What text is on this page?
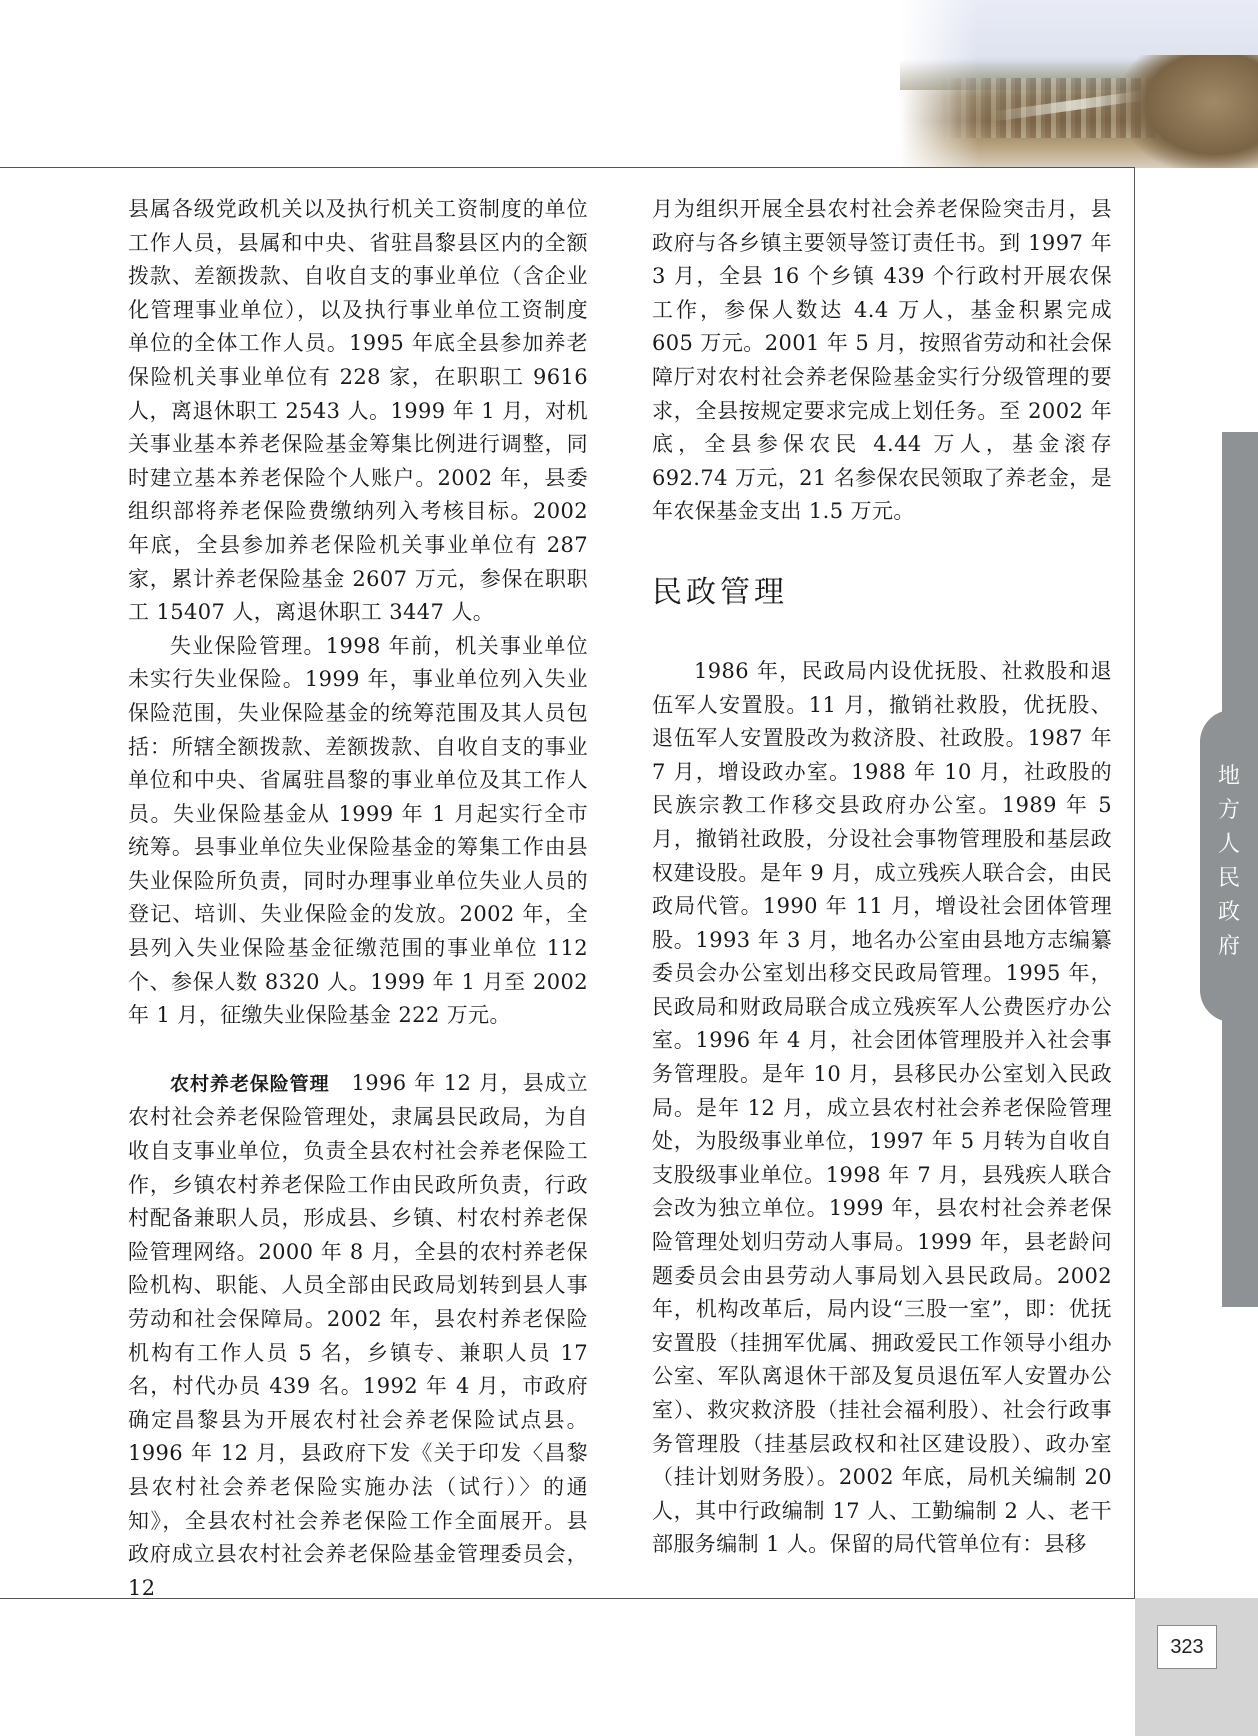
地
方
人
民
政
府

县属各级党政机关以及执行机关工资制度的单位工作人员，县属和中央、省驻昌黎县区内的全额拨款、差额拨款、自收自支的事业单位（含企业化管理事业单位），以及执行事业单位工资制度单位的全体工作人员。1995 年底全县参加养老保险机关事业单位有 228 家，在职职工 9616 人，离退休职工 2543 人。1999 年 1 月，对机关事业基本养老保险基金筹集比例进行调整，同时建立基本养老保险个人账户。2002 年，县委组织部将养老保险费缴纳列入考核目标。2002 年底，全县参加养老保险机关事业单位有 287 家，累计养老保险基金 2607 万元，参保在职职工 15407 人，离退休职工 3447 人。

失业保险管理。1998 年前，机关事业单位未实行失业保险。1999 年，事业单位列入失业保险范围，失业保险基金的统筹范围及其人员包括：所辖全额拨款、差额拨款、自收自支的事业单位和中央、省属驻昌黎的事业单位及其工作人员。失业保险基金从 1999 年 1 月起实行全市统筹。县事业单位失业保险基金的筹集工作由县失业保险所负责，同时办理事业单位失业人员的登记、培训、失业保险金的发放。2002 年，全县列入失业保险基金征缴范围的事业单位 112 个、参保人数 8320 人。1999 年 1 月至 2002 年 1 月，征缴失业保险基金 222 万元。

农村养老保险管理　1996 年 12 月，县成立农村社会养老保险管理处，隶属县民政局，为自收自支事业单位，负责全县农村社会养老保险工作，乡镇农村养老保险工作由民政所负责，行政村配备兼职人员，形成县、乡镇、村农村养老保险管理网络。2000 年 8 月，全县的农村养老保险机构、职能、人员全部由民政局划转到县人事劳动和社会保障局。2002 年，县农村养老保险机构有工作人员 5 名，乡镇专、兼职人员 17 名，村代办员 439 名。1992 年 4 月，市政府确定昌黎县为开展农村社会养老保险试点县。1996 年 12 月，县政府下发《关于印发〈昌黎县农村社会养老保险实施办法（试行）〉的通知》，全县农村社会养老保险工作全面展开。县政府成立县农村社会养老保险基金管理委员会，12

月为组织开展全县农村社会养老保险突击月，县政府与各乡镇主要领导签订责任书。到 1997 年 3 月，全县 16 个乡镇 439 个行政村开展农保工作，参保人数达 4.4 万人，基金积累完成 605 万元。2001 年 5 月，按照省劳动和社会保障厅对农村社会养老保险基金实行分级管理的要求，全县按规定要求完成上划任务。至 2002 年底，全县参保农民 4.44 万人，基金滚存 692.74 万元，21 名参保农民领取了养老金，是年农保基金支出 1.5 万元。

民政管理

1986 年，民政局内设优抚股、社救股和退伍军人安置股。11 月，撤销社救股，优抚股、退伍军人安置股改为救济股、社政股。1987 年 7 月，增设政办室。1988 年 10 月，社政股的民族宗教工作移交县政府办公室。1989 年 5 月，撤销社政股，分设社会事物管理股和基层政权建设股。是年 9 月，成立残疾人联合会，由民政局代管。1990 年 11 月，增设社会团体管理股。1993 年 3 月，地名办公室由县地方志编纂委员会办公室划出移交民政局管理。1995 年，民政局和财政局联合成立残疾军人公费医疗办公室。1996 年 4 月，社会团体管理股并入社会事务管理股。是年 10 月，县移民办公室划入民政局。是年 12 月，成立县农村社会养老保险管理处，为股级事业单位，1997 年 5 月转为自收自支股级事业单位。1998 年 7 月，县残疾人联合会改为独立单位。1999 年，县农村社会养老保险管理处划归劳动人事局。1999 年，县老龄问题委员会由县劳动人事局划入县民政局。2002 年，机构改革后，局内设“三股一室”，即：优抚安置股（挂拥军优属、拥政爱民工作领导小组办公室、军队离退休干部及复员退伍军人安置办公室）、救灾救济股（挂社会福利股）、社会行政事务管理股（挂基层政权和社区建设股）、政办室（挂计划财务股）。2002 年底，局机关编制 20 人，其中行政编制 17 人、工勤编制 2 人、老干部服务编制 1 人。保留的局代管单位有：县移

323
